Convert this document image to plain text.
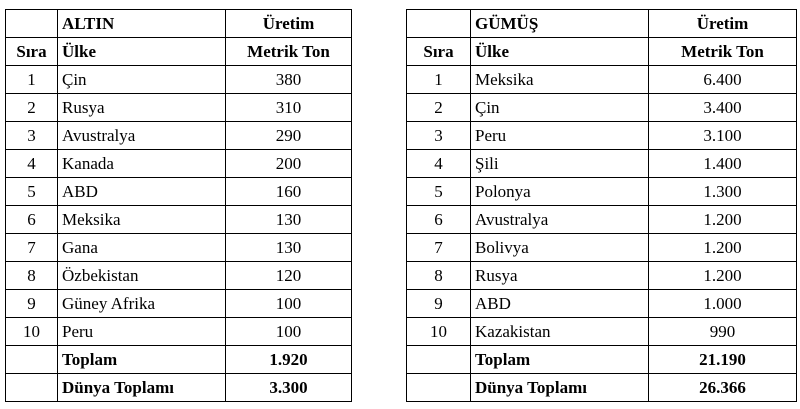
	ALTIN	Üretim
Sıra	Ülke	Metrik Ton
1	Çin	380
2	Rusya	310
3	Avustralya	290
4	Kanada	200
5	ABD	160
6	Meksika	130
7	Gana	130
8	Özbekistan	120
9	Güney Afrika	100
10	Peru	100
	Toplam	1.920
	Dünya Toplamı	3.300
	GÜMÜŞ	Üretim
Sıra	Ülke	Metrik Ton
1	Meksika	6.400
2	Çin	3.400
3	Peru	3.100
4	Şili	1.400
5	Polonya	1.300
6	Avustralya	1.200
7	Bolivya	1.200
8	Rusya	1.200
9	ABD	1.000
10	Kazakistan	990
	Toplam	21.190
	Dünya Toplamı	26.366
